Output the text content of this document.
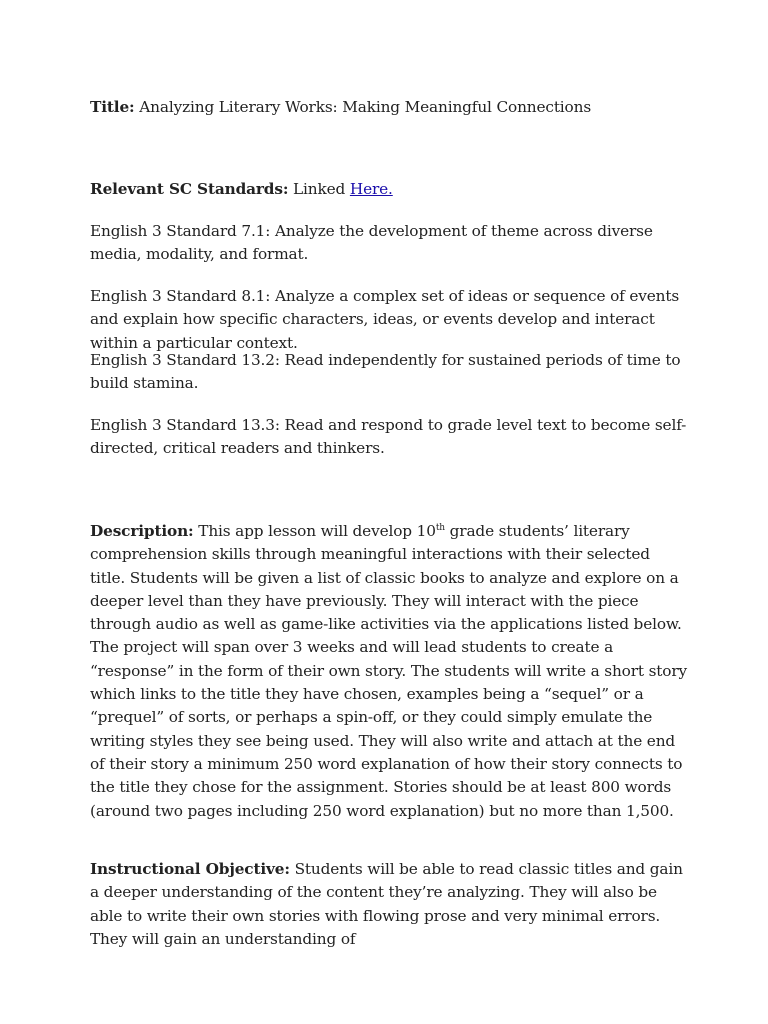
Title: Analyzing Literary Works: Making Meaningful Connections

Relevant SC Standards: Linked Here.

English 3 Standard 7.1: Analyze the development of theme across diverse media, modality, and format.

English 3 Standard 8.1: Analyze a complex set of ideas or sequence of events and explain how specific characters, ideas, or events develop and interact within a particular context.

English 3 Standard 13.2: Read independently for sustained periods of time to build stamina.

English 3 Standard 13.3: Read and respond to grade level text to become self-directed, critical readers and thinkers.

Description: This app lesson will develop 10th grade students’ literary comprehension skills through meaningful interactions with their selected title. Students will be given a list of classic books to analyze and explore on a deeper level than they have previously. They will interact with the piece through audio as well as game-like activities via the applications listed below. The project will span over 3 weeks and will lead students to create a “response” in the form of their own story. The students will write a short story which links to the title they have chosen, examples being a “sequel” or a “prequel” of sorts, or perhaps a spin-off, or they could simply emulate the writing styles they see being used. They will also write and attach at the end of their story a minimum 250 word explanation of how their story connects to the title they chose for the assignment. Stories should be at least 800 words (around two pages including 250 word explanation) but no more than 1,500.

Instructional Objective: Students will be able to read classic titles and gain a deeper understanding of the content they’re analyzing. They will also be able to write their own stories with flowing prose and very minimal errors. They will gain an understanding of
